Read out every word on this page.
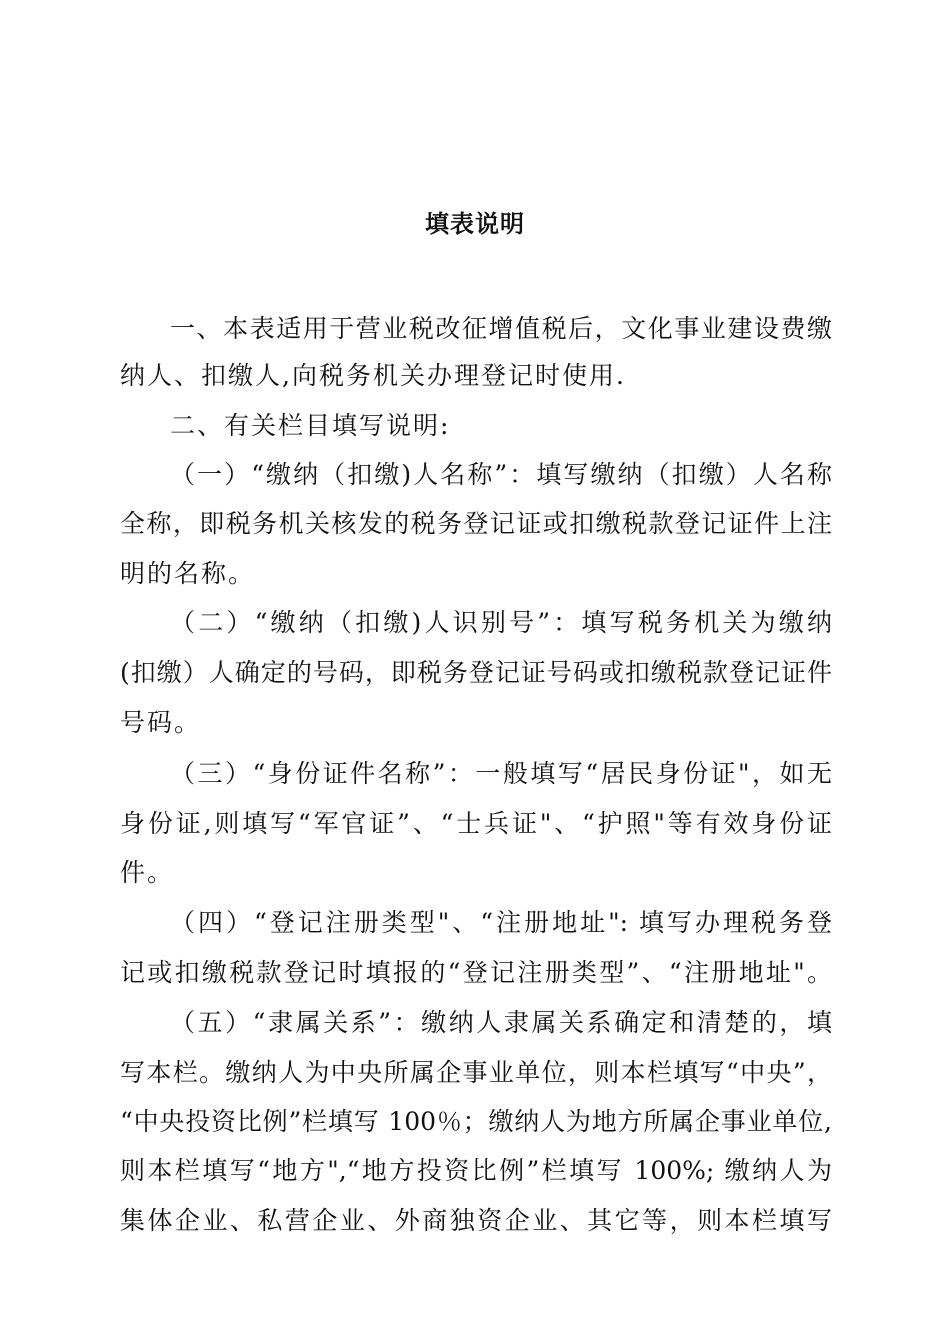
填表说明
一、本表适用于营业税改征增值税后，文化事业建设费缴
纳人、扣缴人,向税务机关办理登记时使用.
二、有关栏目填写说明:
（一）“缴纳（扣缴)人名称”：填写缴纳（扣缴）人名称
全称，即税务机关核发的税务登记证或扣缴税款登记证件上注
明的名称。
（二）“缴纳（扣缴)人识别号”：填写税务机关为缴纳
(扣缴）人确定的号码，即税务登记证号码或扣缴税款登记证件
号码。
（三）“身份证件名称”：一般填写“居民身份证"，如无
身份证,则填写“军官证”、“士兵证"、“护照"等有效身份证
件。
（四）“登记注册类型"、“注册地址": 填写办理税务登
记或扣缴税款登记时填报的“登记注册类型”、“注册地址"。
（五）“隶属关系”：缴纳人隶属关系确定和清楚的，填
写本栏。缴纳人为中央所属企事业单位，则本栏填写“中央”，
“中央投资比例”栏填写 100％；缴纳人为地方所属企事业单位,
则本栏填写“地方",“地方投资比例”栏填写 100%; 缴纳人为
集体企业、私营企业、外商独资企业、其它等，则本栏填写
